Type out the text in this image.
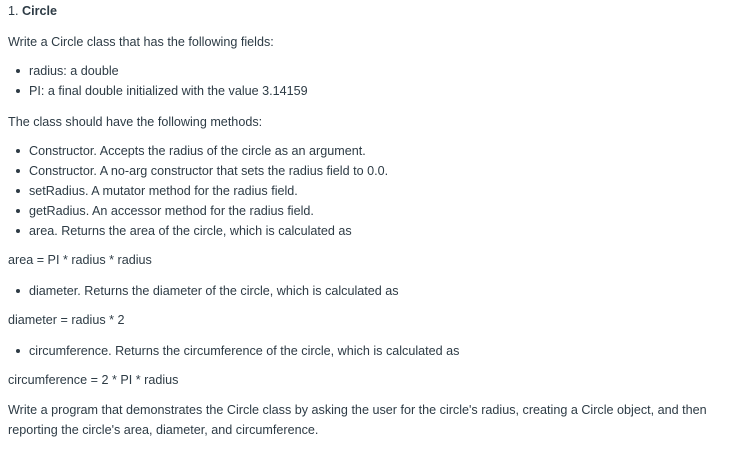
1. Circle

Write a Circle class that has the following fields:

radius: a double
PI: a final double initialized with the value 3.14159

The class should have the following methods:

Constructor. Accepts the radius of the circle as an argument.
Constructor. A no-arg constructor that sets the radius field to 0.0.
setRadius. A mutator method for the radius field.
getRadius. An accessor method for the radius field.
area. Returns the area of the circle, which is calculated as

area = PI * radius * radius

diameter. Returns the diameter of the circle, which is calculated as

diameter = radius * 2

circumference. Returns the circumference of the circle, which is calculated as

circumference = 2 * PI * radius

Write a program that demonstrates the Circle class by asking the user for the circle's radius, creating a Circle object, and then reporting the circle's area, diameter, and circumference.
